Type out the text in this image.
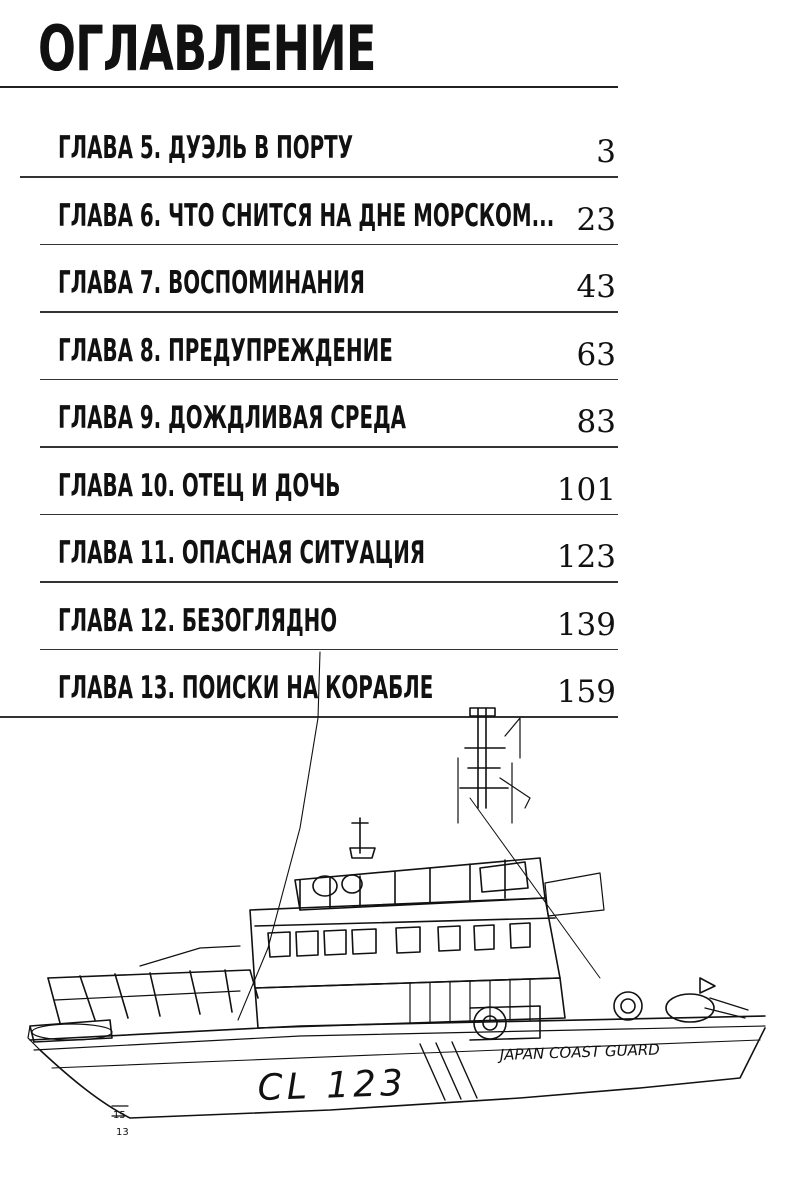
ОГЛАВЛЕНИЕ
ГЛАВА 5. ДУЭЛЬ В ПОРТУ	3
ГЛАВА 6. ЧТО СНИТСЯ НА ДНЕ МОРСКОМ... 23
ГЛАВА 7. ВОСПОМИНАНИЯ	43
ГЛАВА 8. ПРЕДУПРЕЖДЕНИЕ	63
ГЛАВА 9. ДОЖДЛИВАЯ СРЕДА	83
ГЛАВА 10. ОТЕЦ И ДОЧЬ	101
ГЛАВА 11. ОПАСНАЯ СИТУАЦИЯ	123
ГЛАВА 12. БЕЗОГЛЯДНО	139
ГЛАВА 13. ПОИСКИ НА КОРАБЛЕ	159
JAPAN COAST GUARD
CL 123
15
13
